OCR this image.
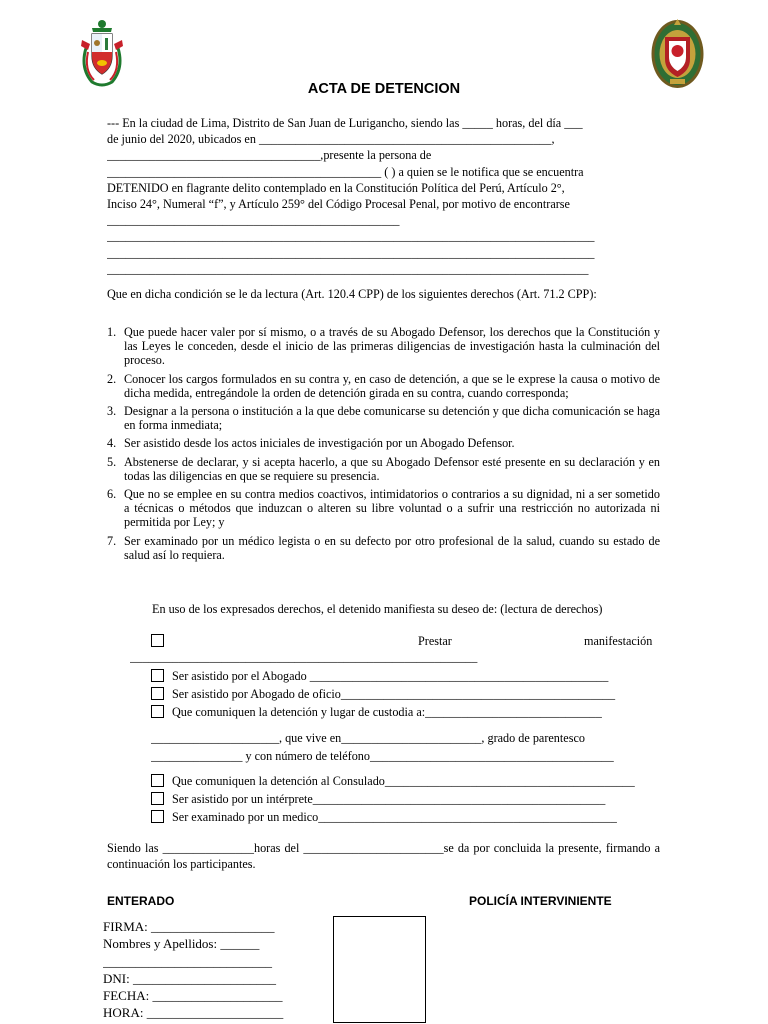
ACTA DE DETENCION
--- En la ciudad de Lima, Distrito de San Juan de Lurigancho, siendo las _____ horas, del día ___
de junio del 2020, ubicados en ________________________________________________,
___________________________________,presente la persona de
_____________________________________________ ( ) a quien se le notifica que se encuentra
DETENIDO en flagrante delito contemplado en la Constitución Política del Perú, Artículo 2°,
Inciso 24°, Numeral “f”, y Artículo 259° del Código Procesal Penal, por motivo de encontrarse
________________________________________________
________________________________________________________________________________
________________________________________________________________________________
_______________________________________________________________________________
Que en dicha condición se le da lectura (Art. 120.4 CPP) de los siguientes derechos (Art. 71.2 CPP):
1. Que puede hacer valer por sí mismo, o a través de su Abogado Defensor, los derechos que la Constitución y las Leyes le conceden, desde el inicio de las primeras diligencias de investigación hasta la culminación del proceso.
2. Conocer los cargos formulados en su contra y, en caso de detención, a que se le exprese la causa o motivo de dicha medida, entregándole la orden de detención girada en su contra, cuando corresponda;
3. Designar a la persona o institución a la que debe comunicarse su detención y que dicha comunicación se haga en forma inmediata;
4. Ser asistido desde los actos iniciales de investigación por un Abogado Defensor.
5. Abstenerse de declarar, y si acepta hacerlo, a que su Abogado Defensor esté presente en su declaración y en todas las diligencias en que se requiere su presencia.
6. Que no se emplee en su contra medios coactivos, intimidatorios o contrarios a su dignidad, ni a ser sometido a técnicas o métodos que induzcan o alteren su libre voluntad o a sufrir una restricción no autorizada ni permitida por Ley; y
7. Ser examinado por un médico legista o en su defecto por otro profesional de la salud, cuando su estado de salud así lo requiera.
En uso de los expresados derechos, el detenido manifiesta su deseo de: (lectura de derechos)
Prestar	manifestación
_________________________________________________________
Ser asistido por el Abogado _________________________________________________
Ser asistido por Abogado de oficio_____________________________________________
Que comuniquen la detención y lugar de custodia a:_____________________________
_____________________, que vive en_______________________, grado de parentesco
_______________ y con número de teléfono________________________________________
Que comuniquen la detención al Consulado_________________________________________
Ser asistido por un intérprete________________________________________________
Ser examinado por un medico_________________________________________________
Siendo las _______________horas del _______________________se da por concluida la presente, firmando a continuación los participantes.
ENTERADO	POLICÍA INTERVINIENTE
FIRMA: ___________________
Nombres y Apellidos: ______
__________________________
DNI: ______________________
FECHA: ____________________
HORA: _____________________
